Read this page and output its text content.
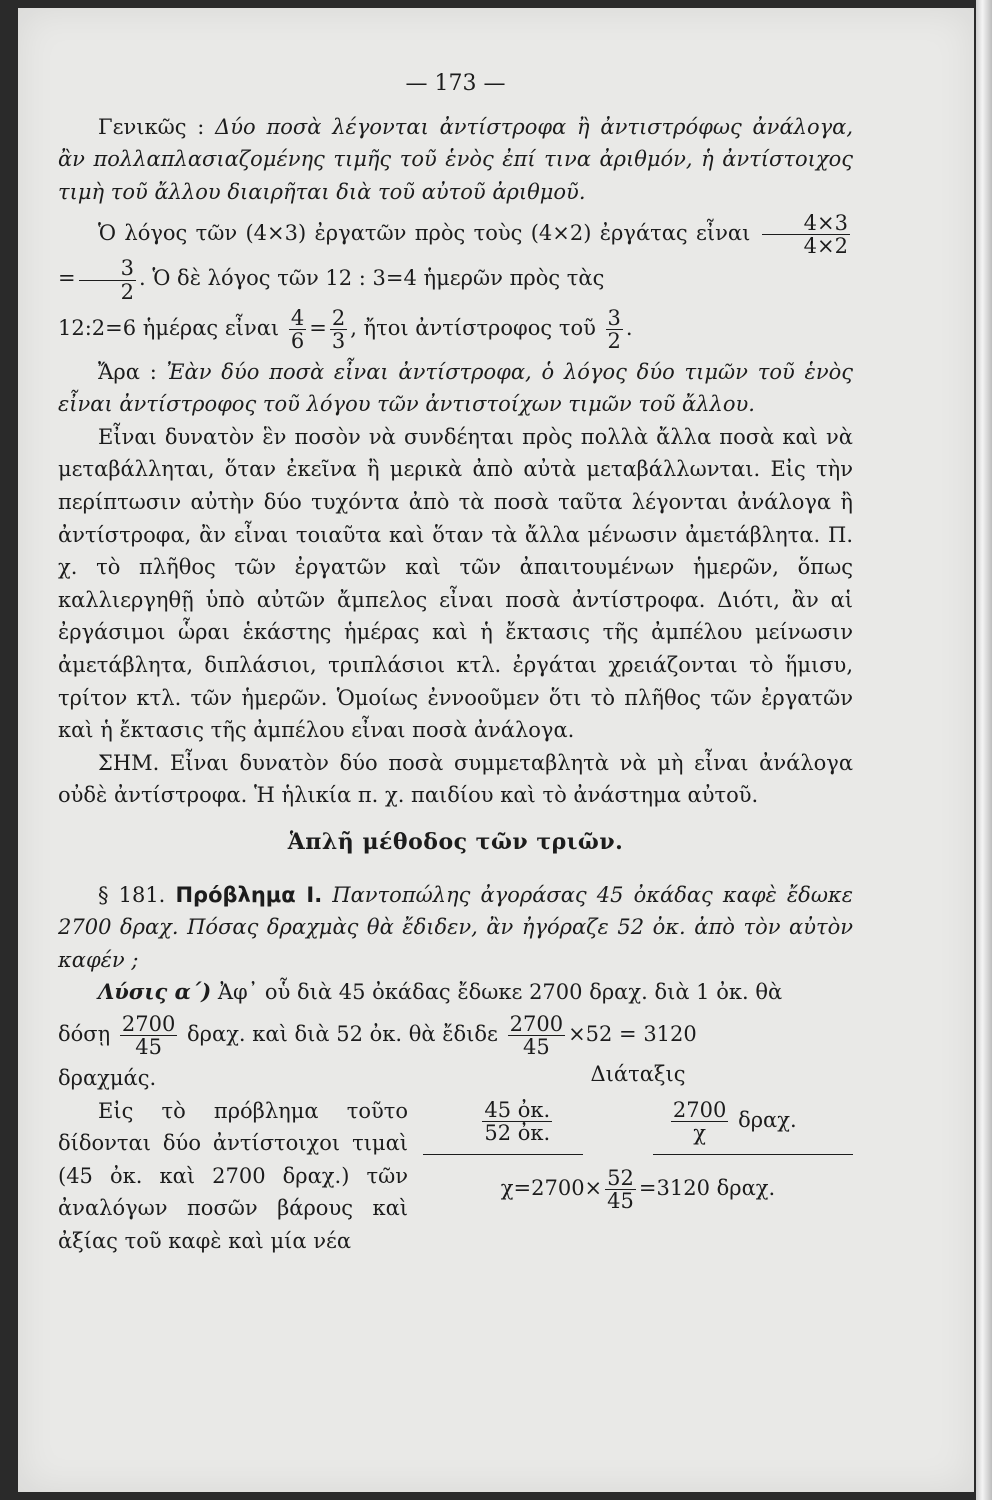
— 173 —

Γενικῶς : Δύο ποσὰ λέγονται ἀντίστροφα ἢ ἀντιστρόφως ἀνάλογα, ἂν πολλαπλασιαζομένης τιμῆς τοῦ ἑνὸς ἐπί τινα ἀριθμόν, ἡ ἀντίστοιχος τιμὴ τοῦ ἄλλου διαιρῆται διὰ τοῦ αὐτοῦ ἀριθμοῦ.

Ὁ λόγος τῶν (4×3) ἐργατῶν πρὸς τοὺς (4×2) ἐργάτας εἶναι $\frac{4\times 3}{4\times 2}$
= $\frac{3}{2}$ . Ὁ δὲ λόγος τῶν 12 : 3=4 ἡμερῶν πρὸς τὰς

12:2=6 ἡμέρας εἶναι $\frac{4}{6} = \frac{2}{3}$ , ἤτοι ἀντίστροφος τοῦ $\frac{3}{2}$ .

Ἄρα : Ἐὰν δύο ποσὰ εἶναι ἀντίστροφα, ὁ λόγος δύο τιμῶν τοῦ ἑνὸς εἶναι ἀντίστροφος τοῦ λόγου τῶν ἀντιστοίχων τιμῶν τοῦ ἄλλου.

Εἶναι δυνατὸν ἓν ποσὸν νὰ συνδέηται πρὸς πολλὰ ἄλλα ποσὰ καὶ νὰ μεταβάλληται, ὅταν ἐκεῖνα ἢ μερικὰ ἀπὸ αὐτὰ μεταβάλλωνται. Εἰς τὴν περίπτωσιν αὐτὴν δύο τυχόντα ἀπὸ τὰ ποσὰ ταῦτα λέγονται ἀνάλογα ἢ ἀντίστροφα, ἂν εἶναι τοιαῦτα καὶ ὅταν τὰ ἄλλα μένωσιν ἀμετάβλητα. Π. χ. τὸ πλῆθος τῶν ἐργατῶν καὶ τῶν ἀπαιτουμένων ἡμερῶν, ὅπως καλλιεργηθῇ ὑπὸ αὐτῶν ἄμπελος εἶναι ποσὰ ἀντίστροφα. Διότι, ἂν αἱ ἐργάσιμοι ὧραι ἑκάστης ἡμέρας καὶ ἡ ἔκτασις τῆς ἀμπέλου μείνωσιν ἀμετάβλητα, διπλάσιοι, τριπλάσιοι κτλ. ἐργάται χρειάζονται τὸ ἥμισυ, τρίτον κτλ. τῶν ἡμερῶν. Ὁμοίως ἐννοοῦμεν ὅτι τὸ πλῆθος τῶν ἐργατῶν καὶ ἡ ἔκτασις τῆς ἀμπέλου εἶναι ποσὰ ἀνάλογα.

ΣΗΜ. Εἶναι δυνατὸν δύο ποσὰ συμμεταβλητὰ νὰ μὴ εἶναι ἀνάλογα οὐδὲ ἀντίστροφα. Ἡ ἡλικία π. χ. παιδίου καὶ τὸ ἀνάστημα αὐτοῦ.

Ἁπλῆ μέθοδος τῶν τριῶν.

§ 181. Πρόβλημα I. Παντοπώλης ἀγοράσας 45 ὀκάδας καφὲ ἔδωκε 2700 δραχ. Πόσας δραχμὰς θὰ ἔδιδεν, ἂν ἠγόραζε 52 ὀκ. ἀπὸ τὸν αὐτὸν καφέν ;

Λύσις α΄) Ἀφ᾿ οὗ διὰ 45 ὀκάδας ἔδωκε 2700 δραχ. διὰ 1 ὀκ. θὰ

δόσῃ $\frac{2700}{45} \delta\rho\alpha\chi$. καὶ διὰ 52 ὀκ. θὰ ἔδιδε $\frac{2700}{45} \times 52 = 3120$

δραχμάς.
Εἰς τὸ πρόβλημα τοῦτο δίδονται δύο ἀντίστοιχοι τιμαὶ (45 ὀκ. καὶ 2700 δραχ.) τῶν ἀναλόγων ποσῶν βάρους καὶ ἀξίας τοῦ καφὲ καὶ μία νέα
Διάταξις
$\frac{\text{45 ὀκ.}}{\text{52 ὀκ.}}$	$\frac{2700}{\chi} \delta\rho\alpha\chi$.
$\chi=2700\times \frac{52}{45} =3120$ δραχ.
